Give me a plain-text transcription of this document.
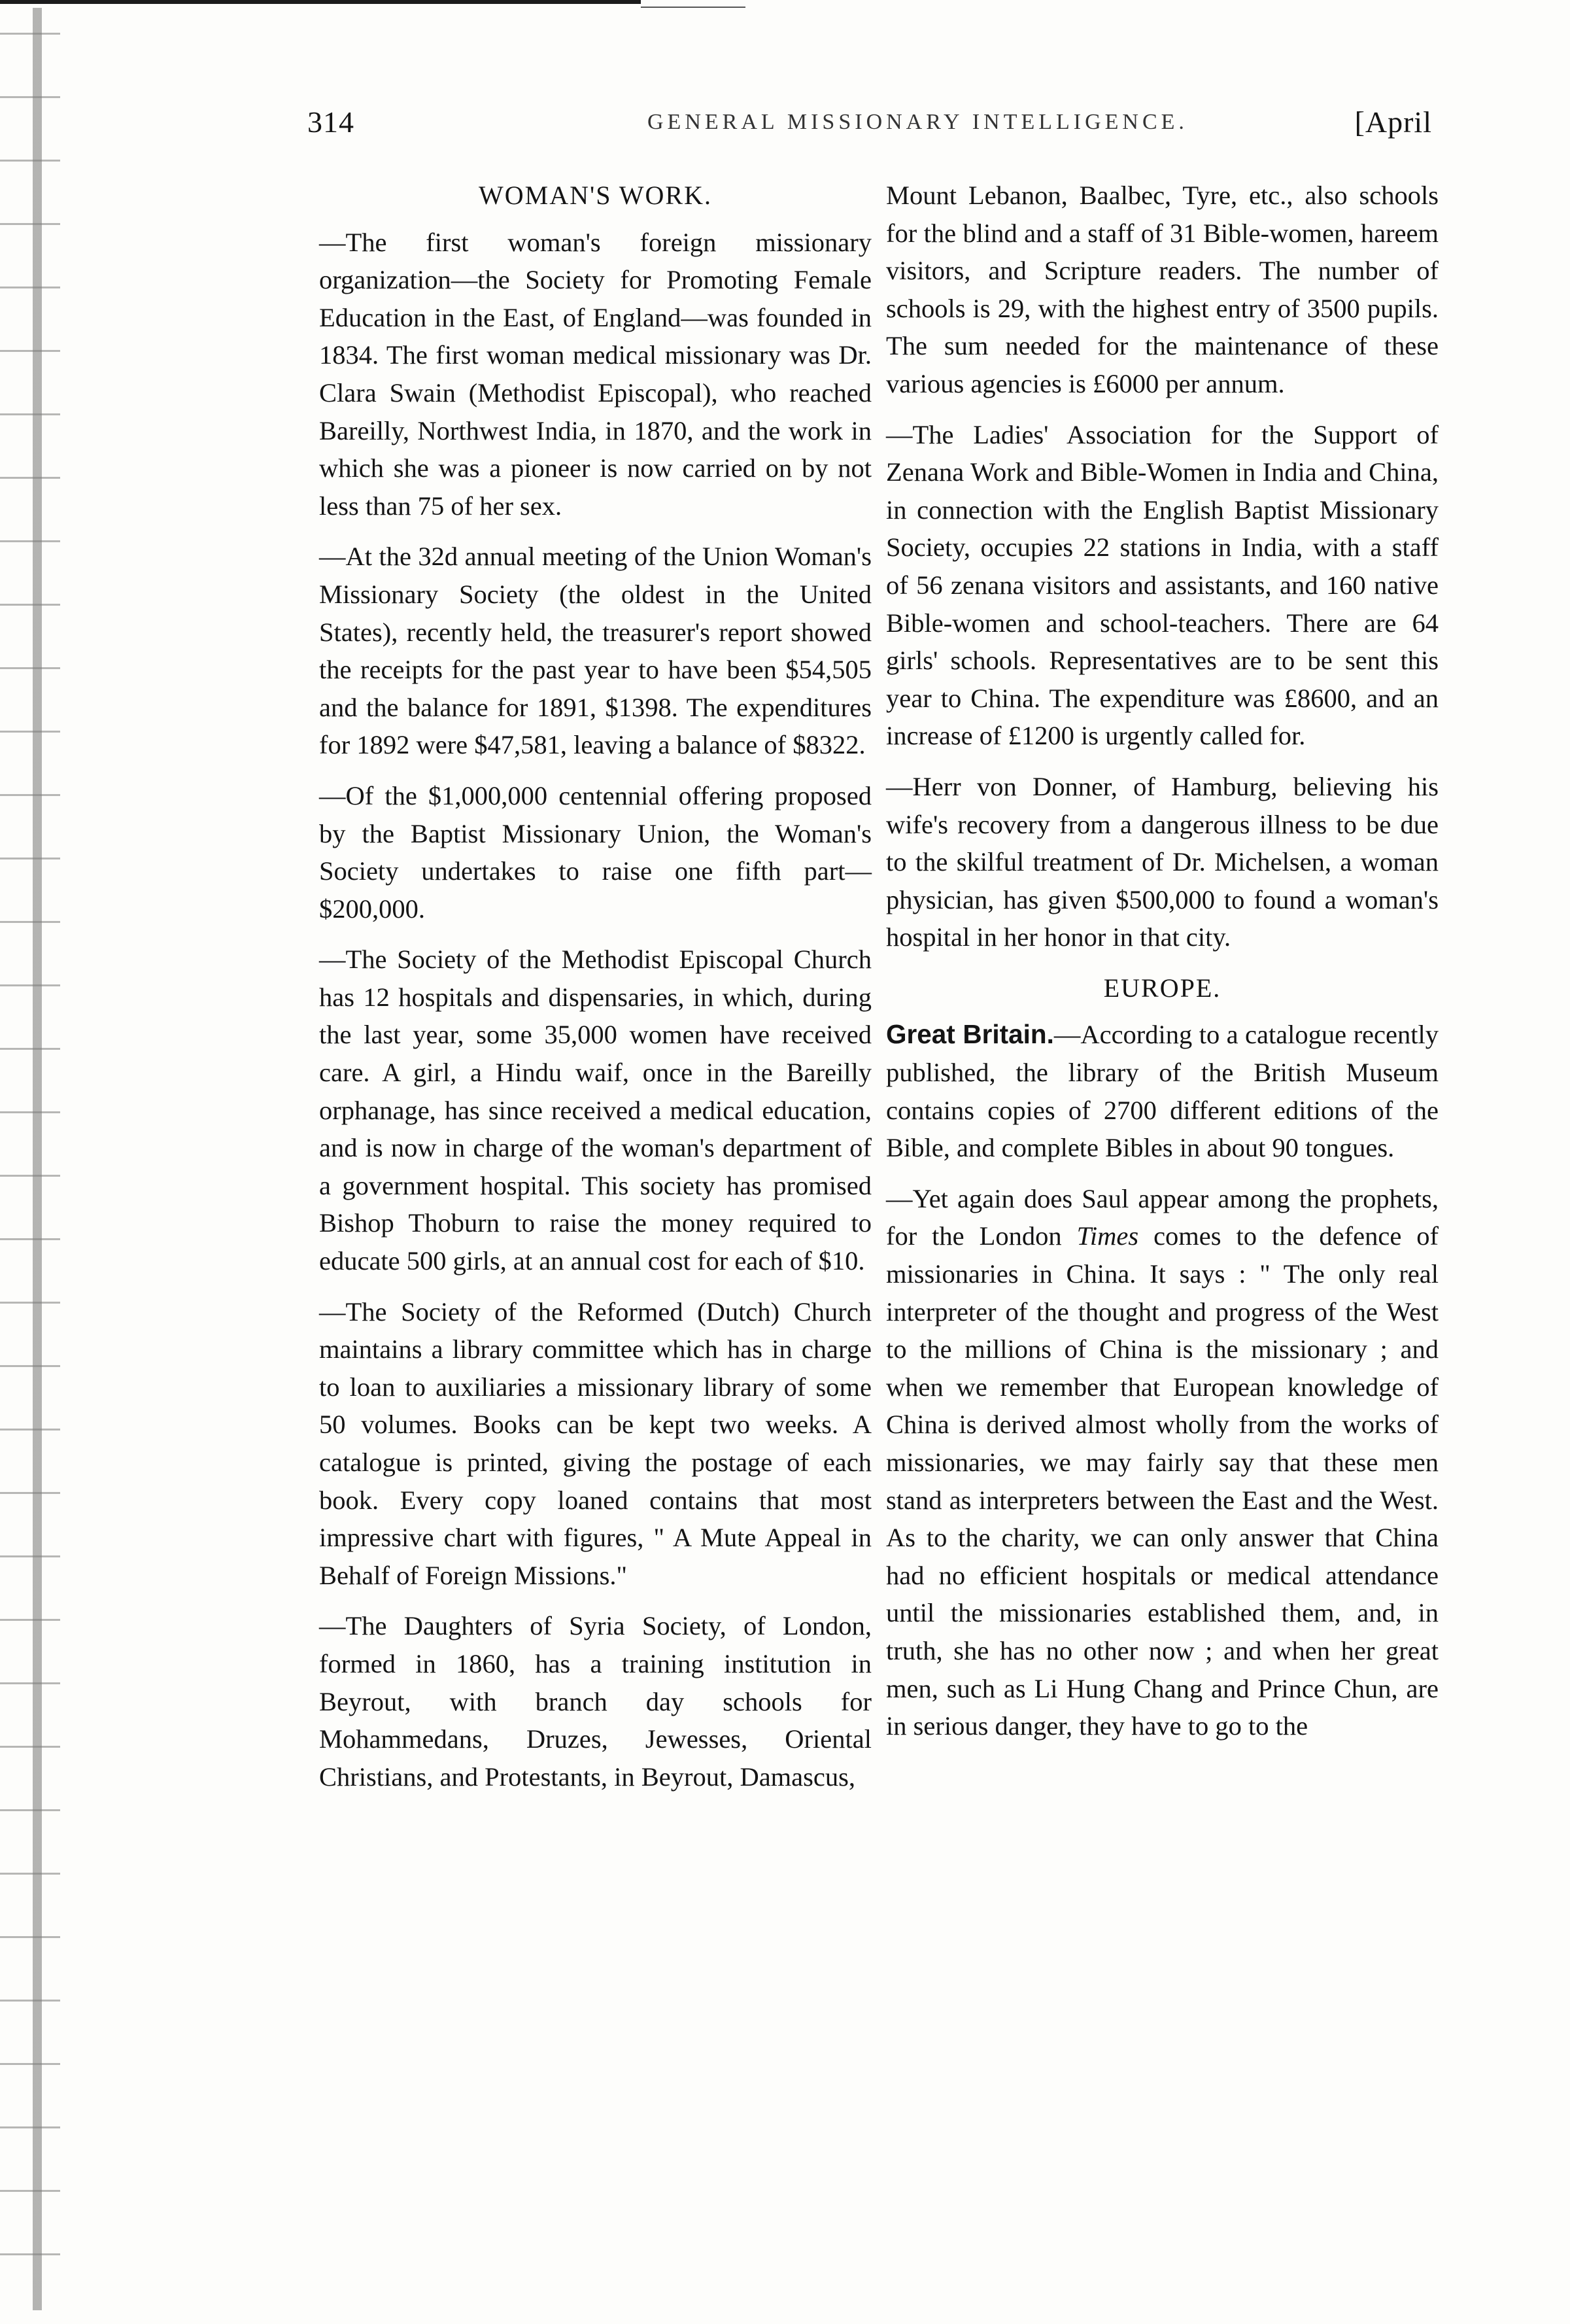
314	GENERAL MISSIONARY INTELLIGENCE.	[April
WOMAN'S WORK.

—The first woman's foreign missionary organization—the Society for Promoting Female Education in the East, of England—was founded in 1834. The first woman medical missionary was Dr. Clara Swain (Methodist Episcopal), who reached Bareilly, Northwest India, in 1870, and the work in which she was a pioneer is now carried on by not less than 75 of her sex.

—At the 32d annual meeting of the Union Woman's Missionary Society (the oldest in the United States), recently held, the treasurer's report showed the receipts for the past year to have been $54,505 and the balance for 1891, $1398. The expenditures for 1892 were $47,581, leaving a balance of $8322.

—Of the $1,000,000 centennial offering proposed by the Baptist Missionary Union, the Woman's Society undertakes to raise one fifth part—$200,000.

—The Society of the Methodist Episcopal Church has 12 hospitals and dispensaries, in which, during the last year, some 35,000 women have received care. A girl, a Hindu waif, once in the Bareilly orphanage, has since received a medical education, and is now in charge of the woman's department of a government hospital. This society has promised Bishop Thoburn to raise the money required to educate 500 girls, at an annual cost for each of $10.

—The Society of the Reformed (Dutch) Church maintains a library committee which has in charge to loan to auxiliaries a missionary library of some 50 volumes. Books can be kept two weeks. A catalogue is printed, giving the postage of each book. Every copy loaned contains that most impressive chart with figures, " A Mute Appeal in Behalf of Foreign Missions."

—The Daughters of Syria Society, of London, formed in 1860, has a training institution in Beyrout, with branch day schools for Mohammedans, Druzes, Jewesses, Oriental Christians, and Protestants, in Beyrout, Damascus,

Mount Lebanon, Baalbec, Tyre, etc., also schools for the blind and a staff of 31 Bible-women, hareem visitors, and Scripture readers. The number of schools is 29, with the highest entry of 3500 pupils. The sum needed for the maintenance of these various agencies is £6000 per annum.

—The Ladies' Association for the Support of Zenana Work and Bible-Women in India and China, in connection with the English Baptist Missionary Society, occupies 22 stations in India, with a staff of 56 zenana visitors and assistants, and 160 native Bible-women and school-teachers. There are 64 girls' schools. Representatives are to be sent this year to China. The expenditure was £8600, and an increase of £1200 is urgently called for.

—Herr von Donner, of Hamburg, believing his wife's recovery from a dangerous illness to be due to the skilful treatment of Dr. Michelsen, a woman physician, has given $500,000 to found a woman's hospital in her honor in that city.

EUROPE.

Great Britain.—According to a catalogue recently published, the library of the British Museum contains copies of 2700 different editions of the Bible, and complete Bibles in about 90 tongues.

—Yet again does Saul appear among the prophets, for the London Times comes to the defence of missionaries in China. It says : " The only real interpreter of the thought and progress of the West to the millions of China is the missionary ; and when we remember that European knowledge of China is derived almost wholly from the works of missionaries, we may fairly say that these men stand as interpreters between the East and the West. As to the charity, we can only answer that China had no efficient hospitals or medical attendance until the missionaries established them, and, in truth, she has no other now ; and when her great men, such as Li Hung Chang and Prince Chun, are in serious danger, they have to go to the
